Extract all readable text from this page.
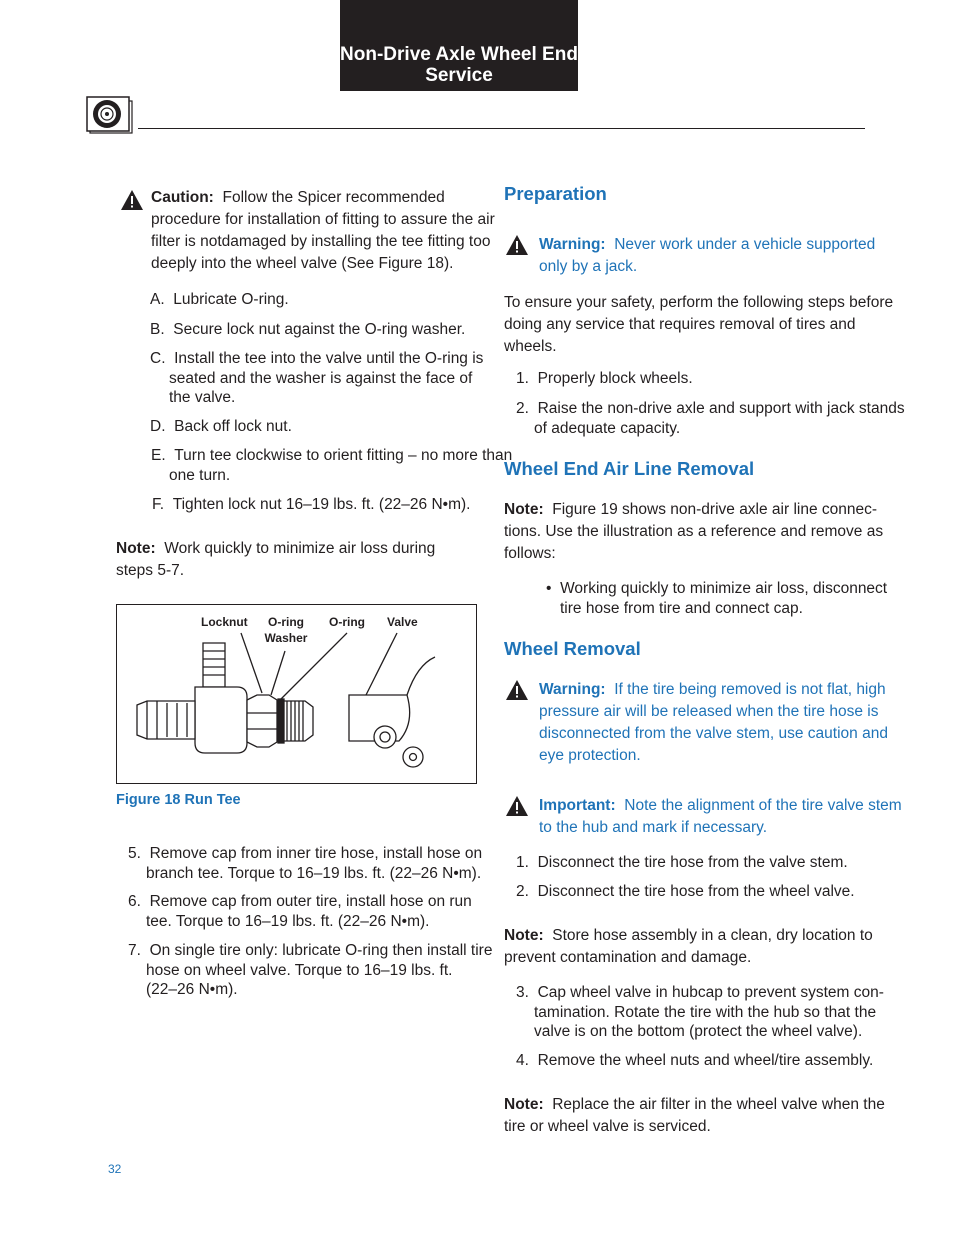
Non-Drive Axle Wheel End
Service
Caution: Follow the Spicer recommended
procedure for installation of fitting to assure the air
filter is notdamaged by installing the tee fitting too
deeply into the wheel valve (See Figure 18).
A. Lubricate O-ring.
B. Secure lock nut against the O-ring washer.
C. Install the tee into the valve until the O-ring is
seated and the washer is against the face of
the valve.
D. Back off lock nut.
E. Turn tee clockwise to orient fitting – no more than
one turn.
F. Tighten lock nut 16–19 lbs. ft. (22–26 N•m).
Note: Work quickly to minimize air loss during
steps 5-7.
Locknut	O-ring
Washer
O-ring Valve
Figure 18 Run Tee
5. Remove cap from inner tire hose, install hose on
branch tee. Torque to 16–19 lbs. ft. (22–26 N•m).
6. Remove cap from outer tire, install hose on run
tee. Torque to 16–19 lbs. ft. (22–26 N•m).
7. On single tire only: lubricate O-ring then install tire
hose on wheel valve. Torque to 16–19 lbs. ft.
(22–26 N•m).
Preparation
Warning: Never work under a vehicle supported
only by a jack.
To ensure your safety, perform the following steps before
doing any service that requires removal of tires and
wheels.
1. Properly block wheels.
2. Raise the non-drive axle and support with jack stands
of adequate capacity.
Wheel End Air Line Removal
Note: Figure 19 shows non-drive axle air line connec-
tions. Use the illustration as a reference and remove as
follows:
• Working quickly to minimize air loss, disconnect
tire hose from tire and connect cap.
Wheel Removal
Warning: If the tire being removed is not flat, high
pressure air will be released when the tire hose is
disconnected from the valve stem, use caution and
eye protection.
Important: Note the alignment of the tire valve stem
to the hub and mark if necessary.
1. Disconnect the tire hose from the valve stem.
2. Disconnect the tire hose from the wheel valve.
Note: Store hose assembly in a clean, dry location to
prevent contamination and damage.
3. Cap wheel valve in hubcap to prevent system con-
tamination. Rotate the tire with the hub so that the
valve is on the bottom (protect the wheel valve).
4. Remove the wheel nuts and wheel/tire assembly.
Note: Replace the air filter in the wheel valve when the
tire or wheel valve is serviced.
32
